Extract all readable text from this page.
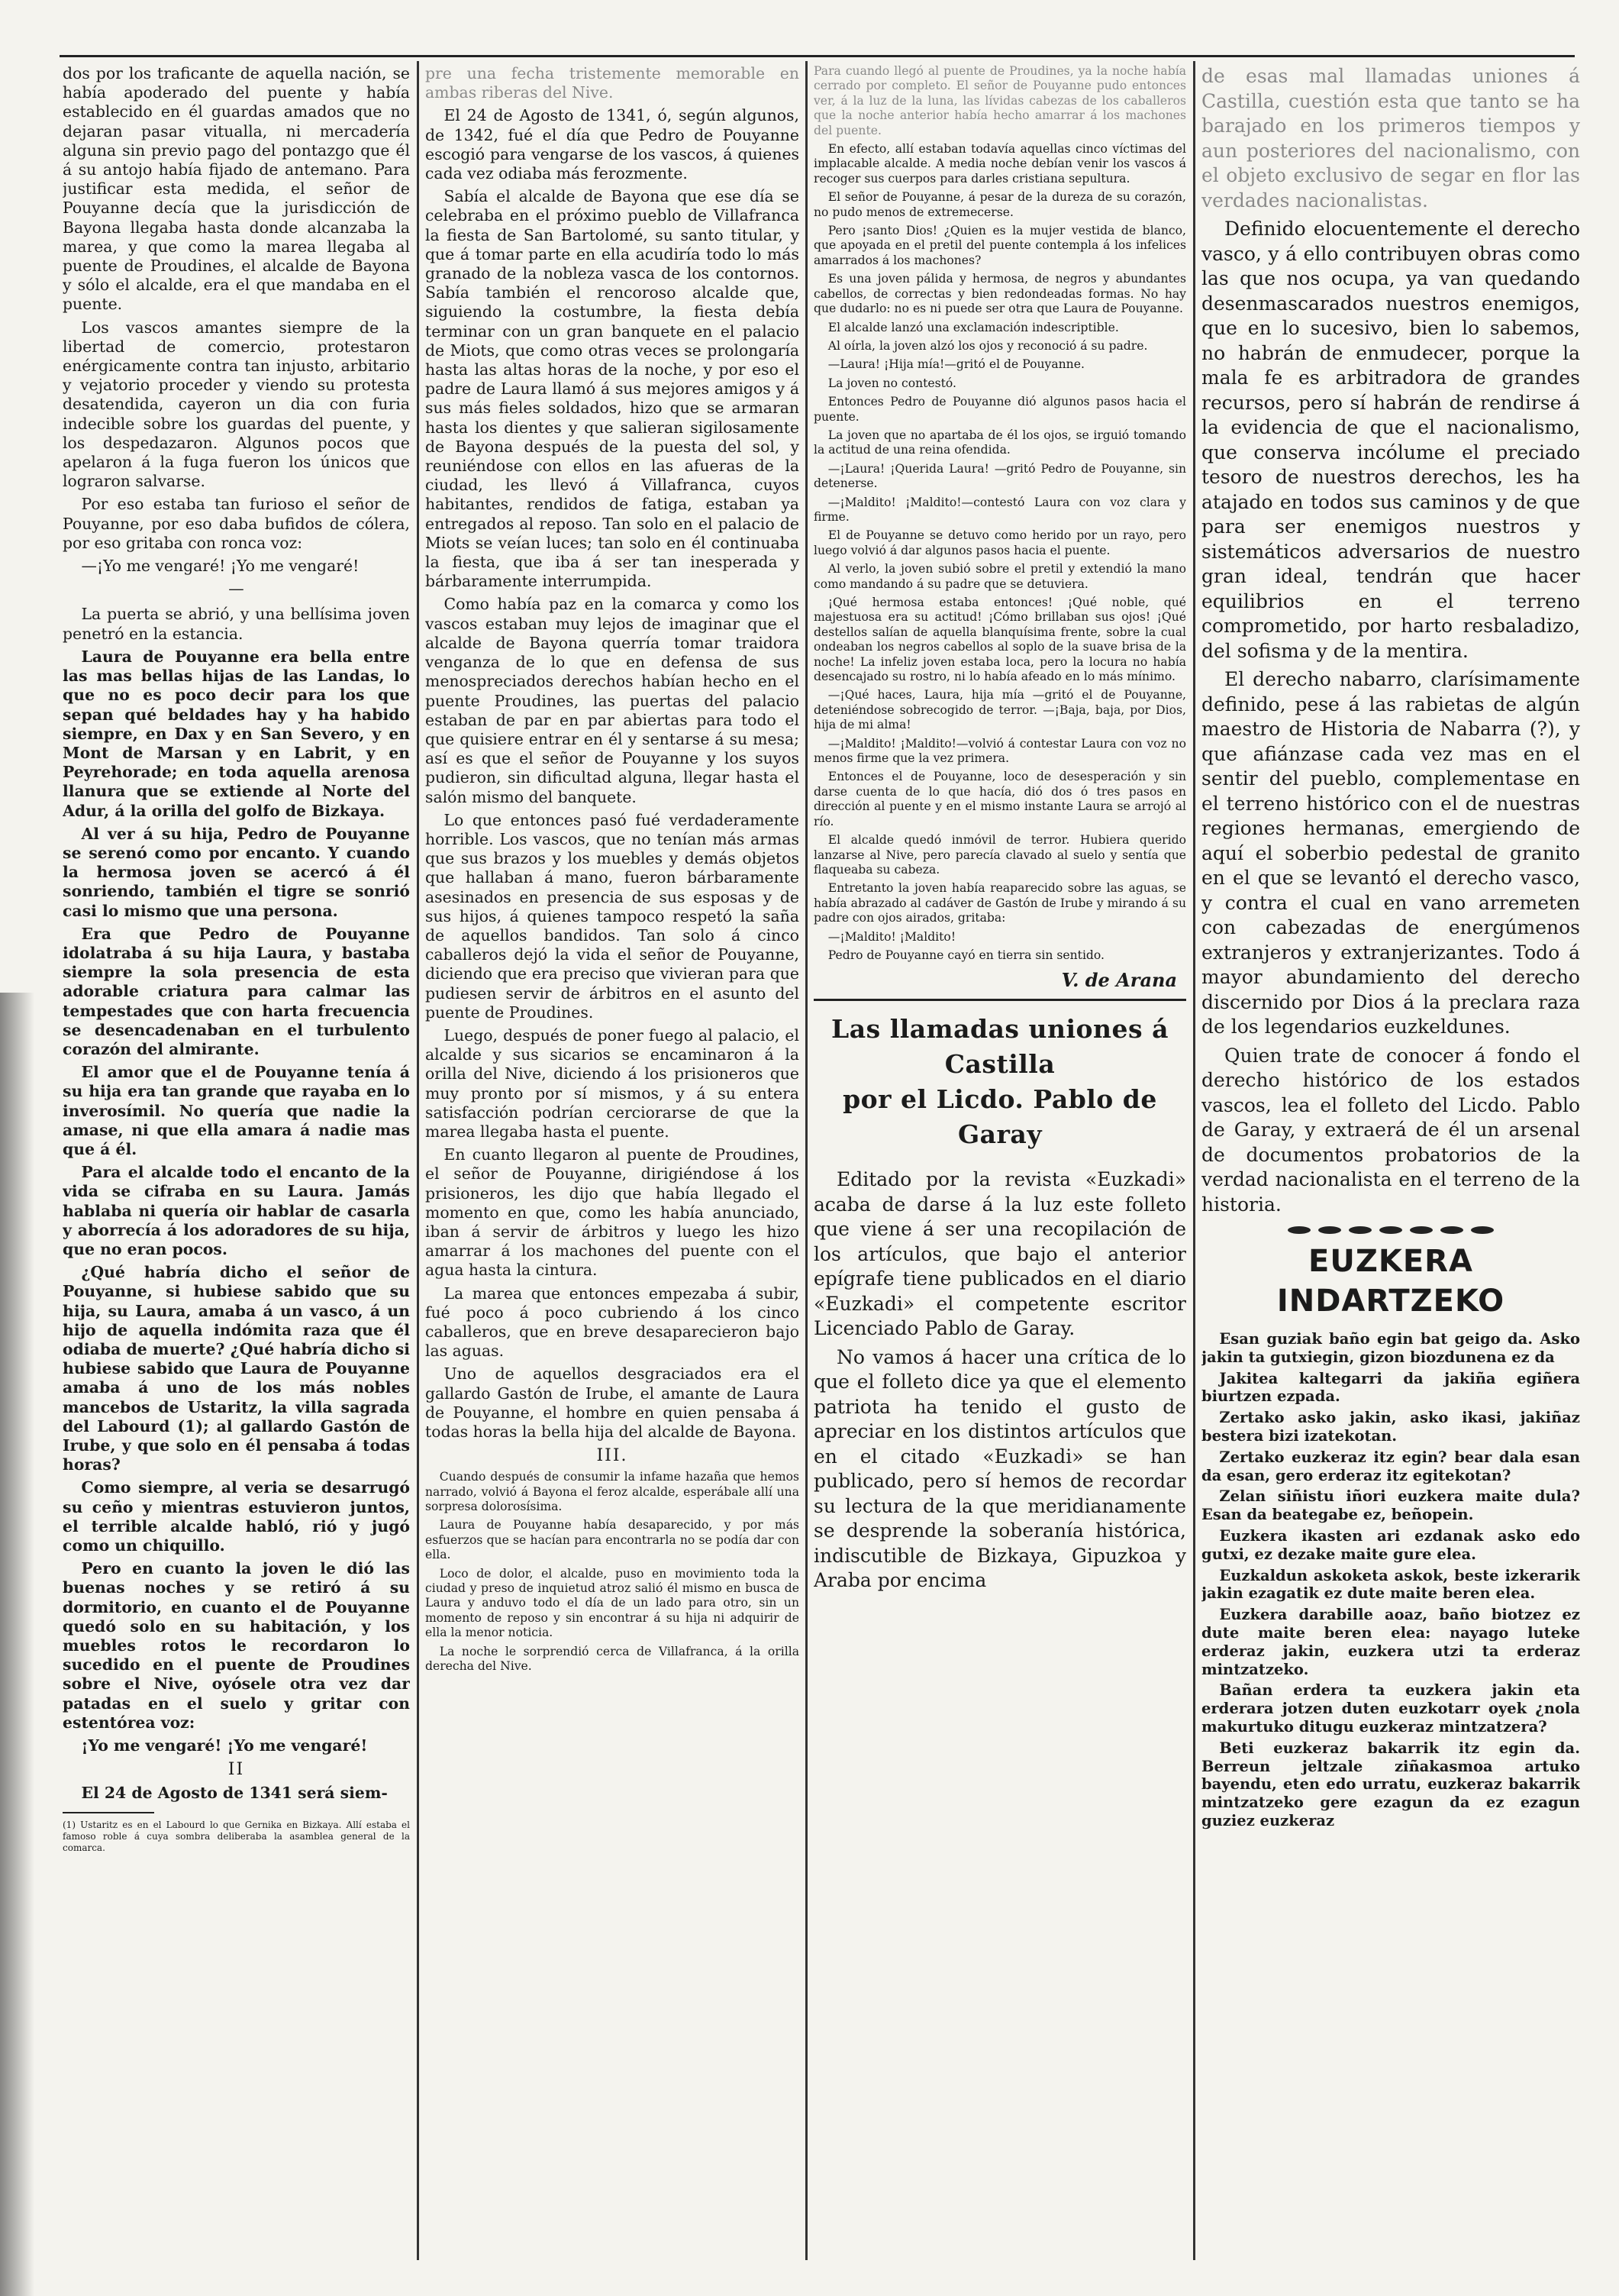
dos por los traficante de aquella nación, se había apoderado del puente y había establecido en él guardas amados que no dejaran pasar vitualla, ni mercadería alguna sin previo pago del pontazgo que él á su antojo había fijado de antemano. Para justificar esta medida, el señor de Pouyanne decía que la jurisdicción de Bayona llegaba hasta donde alcanzaba la marea, y que como la marea llegaba al puente de Proudines, el alcalde de Bayona y sólo el alcalde, era el que mandaba en el puente.

Los vascos amantes siempre de la libertad de comercio, protestaron enérgicamente contra tan injusto, arbitario y vejatorio proceder y viendo su protesta desatendida, cayeron un dia con furia indecible sobre los guardas del puente, y los despedazaron. Algunos pocos que apelaron á la fuga fueron los únicos que lograron salvarse.

Por eso estaba tan furioso el señor de Pouyanne, por eso daba bufidos de cólera, por eso gritaba con ronca voz:

—¡Yo me vengaré! ¡Yo me vengaré!

—

La puerta se abrió, y una bellísima joven penetró en la estancia.

Laura de Pouyanne era bella entre las mas bellas hijas de las Landas, lo que no es poco decir para los que sepan qué beldades hay y ha habido siempre, en Dax y en San Severo, y en Mont de Marsan y en Labrit, y en Peyrehorade; en toda aquella arenosa llanura que se extiende al Norte del Adur, á la orilla del golfo de Bizkaya.

Al ver á su hija, Pedro de Pouyanne se serenó como por encanto. Y cuando la hermosa joven se acercó á él sonriendo, también el tigre se sonrió casi lo mismo que una persona.

Era que Pedro de Pouyanne idolatraba á su hija Laura, y bastaba siempre la sola presencia de esta adorable criatura para calmar las tempestades que con harta frecuencia se desencadenaban en el turbulento corazón del almirante.

El amor que el de Pouyanne tenía á su hija era tan grande que rayaba en lo inverosímil. No quería que nadie la amase, ni que ella amara á nadie mas que á él.

Para el alcalde todo el encanto de la vida se cifraba en su Laura. Jamás hablaba ni quería oir hablar de casarla y aborrecía á los adoradores de su hija, que no eran pocos.

¿Qué habría dicho el señor de Pouyanne, si hubiese sabido que su hija, su Laura, amaba á un vasco, á un hijo de aquella indómita raza que él odiaba de muerte? ¿Qué habría dicho si hubiese sabido que Laura de Pouyanne amaba á uno de los más nobles mancebos de Ustaritz, la villa sagrada del Labourd (1); al gallardo Gastón de Irube, y que solo en él pensaba á todas horas?

Como siempre, al veria se desarrugó su ceño y mientras estuvieron juntos, el terrible alcalde habló, rió y jugó como un chiquillo.

Pero en cuanto la joven le dió las buenas noches y se retiró á su dormitorio, en cuanto el de Pouyanne quedó solo en su habitación, y los muebles rotos le recordaron lo sucedido en el puente de Proudines sobre el Nive, oyósele otra vez dar patadas en el suelo y gritar con estentórea voz:

¡Yo me vengaré! ¡Yo me vengaré!

II

El 24 de Agosto de 1341 será siem-

(1) Ustaritz es en el Labourd lo que Gernika en Bizkaya. Allí estaba el famoso roble á cuya sombra deliberaba la asamblea general de la comarca.

pre una fecha tristemente memorable en ambas riberas del Nive.

El 24 de Agosto de 1341, ó, según algunos, de 1342, fué el día que Pedro de Pouyanne escogió para vengarse de los vascos, á quienes cada vez odiaba más ferozmente.

Sabía el alcalde de Bayona que ese día se celebraba en el próximo pueblo de Villafranca la fiesta de San Bartolomé, su santo titular, y que á tomar parte en ella acudiría todo lo más granado de la nobleza vasca de los contornos. Sabía también el rencoroso alcalde que, siguiendo la costumbre, la fiesta debía terminar con un gran banquete en el palacio de Miots, que como otras veces se prolongaría hasta las altas horas de la noche, y por eso el padre de Laura llamó á sus mejores amigos y á sus más fieles soldados, hizo que se armaran hasta los dientes y que salieran sigilosamente de Bayona después de la puesta del sol, y reuniéndose con ellos en las afueras de la ciudad, les llevó á Villafranca, cuyos habitantes, rendidos de fatiga, estaban ya entregados al reposo. Tan solo en el palacio de Miots se veían luces; tan solo en él continuaba la fiesta, que iba á ser tan inesperada y bárbaramente interrumpida.

Como había paz en la comarca y como los vascos estaban muy lejos de imaginar que el alcalde de Bayona querría tomar traidora venganza de lo que en defensa de sus menospreciados derechos habían hecho en el puente Proudines, las puertas del palacio estaban de par en par abiertas para todo el que quisiere entrar en él y sentarse á su mesa; así es que el señor de Pouyanne y los suyos pudieron, sin dificultad alguna, llegar hasta el salón mismo del banquete.

Lo que entonces pasó fué verdaderamente horrible. Los vascos, que no tenían más armas que sus brazos y los muebles y demás objetos que hallaban á mano, fueron bárbaramente asesinados en presencia de sus esposas y de sus hijos, á quienes tampoco respetó la saña de aquellos bandidos. Tan solo á cinco caballeros dejó la vida el señor de Pouyanne, diciendo que era preciso que vivieran para que pudiesen servir de árbitros en el asunto del puente de Proudines.

Luego, después de poner fuego al palacio, el alcalde y sus sicarios se encaminaron á la orilla del Nive, diciendo á los prisioneros que muy pronto por sí mismos, y á su entera satisfacción podrían cerciorarse de que la marea llegaba hasta el puente.

En cuanto llegaron al puente de Proudines, el señor de Pouyanne, dirigiéndose á los prisioneros, les dijo que había llegado el momento en que, como les había anunciado, iban á servir de árbitros y luego les hizo amarrar á los machones del puente con el agua hasta la cintura.

La marea que entonces empezaba á subir, fué poco á poco cubriendo á los cinco caballeros, que en breve desaparecieron bajo las aguas.

Uno de aquellos desgraciados era el gallardo Gastón de Irube, el amante de Laura de Pouyanne, el hombre en quien pensaba á todas horas la bella hija del alcalde de Bayona.

III.

Cuando después de consumir la infame hazaña que hemos narrado, volvió á Bayona el feroz alcalde, esperábale allí una sorpresa dolorosísima.

Laura de Pouyanne había desaparecido, y por más esfuerzos que se hacían para encontrarla no se podía dar con ella.

Loco de dolor, el alcalde, puso en movimiento toda la ciudad y preso de inquietud atroz salió él mismo en busca de Laura y anduvo todo el día de un lado para otro, sin un momento de reposo y sin encontrar á su hija ni adquirir de ella la menor noticia.

La noche le sorprendió cerca de Villafranca, á la orilla derecha del Nive.

Para cuando llegó al puente de Proudines, ya la noche había cerrado por completo. El señor de Pouyanne pudo entonces ver, á la luz de la luna, las lívidas cabezas de los caballeros que la noche anterior había hecho amarrar á los machones del puente.

En efecto, allí estaban todavía aquellas cinco víctimas del implacable alcalde. A media noche debían venir los vascos á recoger sus cuerpos para darles cristiana sepultura.

El señor de Pouyanne, á pesar de la dureza de su corazón, no pudo menos de extremecerse.

Pero ¡santo Dios! ¿Quien es la mujer vestida de blanco, que apoyada en el pretil del puente contempla á los infelices amarrados á los machones?

Es una joven pálida y hermosa, de negros y abundantes cabellos, de correctas y bien redondeadas formas. No hay que dudarlo: no es ni puede ser otra que Laura de Pouyanne.

El alcalde lanzó una exclamación indescriptible.

Al oírla, la joven alzó los ojos y reconoció á su padre.

—Laura! ¡Hija mía!—gritó el de Pouyanne.

La joven no contestó.

Entonces Pedro de Pouyanne dió algunos pasos hacia el puente.

La joven que no apartaba de él los ojos, se irguió tomando la actitud de una reina ofendida.

—¡Laura! ¡Querida Laura! —gritó Pedro de Pouyanne, sin detenerse.

—¡Maldito! ¡Maldito!—contestó Laura con voz clara y firme.

El de Pouyanne se detuvo como herido por un rayo, pero luego volvió á dar algunos pasos hacia el puente.

Al verlo, la joven subió sobre el pretil y extendió la mano como mandando á su padre que se detuviera.

¡Qué hermosa estaba entonces! ¡Qué noble, qué majestuosa era su actitud! ¡Cómo brillaban sus ojos! ¡Qué destellos salían de aquella blanquísima frente, sobre la cual ondeaban los negros cabellos al soplo de la suave brisa de la noche! La infeliz joven estaba loca, pero la locura no había desencajado su rostro, ni lo había afeado en lo más mínimo.

—¡Qué haces, Laura, hija mía —gritó el de Pouyanne, deteniéndose sobrecogido de terror. —¡Baja, baja, por Dios, hija de mi alma!

—¡Maldito! ¡Maldito!—volvió á contestar Laura con voz no menos firme que la vez primera.

Entonces el de Pouyanne, loco de desesperación y sin darse cuenta de lo que hacía, dió dos ó tres pasos en dirección al puente y en el mismo instante Laura se arrojó al río.

El alcalde quedó inmóvil de terror. Hubiera querido lanzarse al Nive, pero parecía clavado al suelo y sentía que flaqueaba su cabeza.

Entretanto la joven había reaparecido sobre las aguas, se había abrazado al cadáver de Gastón de Irube y mirando á su padre con ojos airados, gritaba:

—¡Maldito! ¡Maldito!

Pedro de Pouyanne cayó en tierra sin sentido.

V. de Arana
Las llamadas uniones á Castilla
por el Licdo. Pablo de Garay

Editado por la revista «Euzkadi» acaba de darse á la luz este folleto que viene á ser una recopilación de los artículos, que bajo el anterior epígrafe tiene publicados en el diario «Euzkadi» el competente escritor Licenciado Pablo de Garay.

No vamos á hacer una crítica de lo que el folleto dice ya que el elemento patriota ha tenido el gusto de apreciar en los distintos artículos que en el citado «Euzkadi» se han publicado, pero sí hemos de recordar su lectura de la que meridianamente se desprende la soberanía histórica, indiscutible de Bizkaya, Gipuzkoa y Araba por encima

de esas mal llamadas uniones á Castilla, cuestión esta que tanto se ha barajado en los primeros tiempos y aun posteriores del nacionalismo, con el objeto exclusivo de segar en flor las verdades nacionalistas.

Definido elocuentemente el derecho vasco, y á ello contribuyen obras como las que nos ocupa, ya van quedando desenmascarados nuestros enemigos, que en lo sucesivo, bien lo sabemos, no habrán de enmudecer, porque la mala fe es arbitradora de grandes recursos, pero sí habrán de rendirse á la evidencia de que el nacionalismo, que conserva incólume el preciado tesoro de nuestros derechos, les ha atajado en todos sus caminos y de que para ser enemigos nuestros y sistemáticos adversarios de nuestro gran ideal, tendrán que hacer equilibrios en el terreno comprometido, por harto resbaladizo, del sofisma y de la mentira.

El derecho nabarro, clarísimamente definido, pese á las rabietas de algún maestro de Historia de Nabarra (?), y que afiánzase cada vez mas en el sentir del pueblo, complementase en el terreno histórico con el de nuestras regiones hermanas, emergiendo de aquí el soberbio pedestal de granito en el que se levantó el derecho vasco, y contra el cual en vano arremeten con cabezadas de energúmenos extranjeros y extranjerizantes. Todo á mayor abundamiento del derecho discernido por Dios á la preclara raza de los legendarios euzkeldunes.

Quien trate de conocer á fondo el derecho histórico de los estados vascos, lea el folleto del Licdo. Pablo de Garay, y extraerá de él un arsenal de documentos probatorios de la verdad nacionalista en el terreno de la historia.

EUZKERA INDARTZEKO

Esan guziak baño egin bat geigo da. Asko jakin ta gutxiegin, gizon biozdunena ez da

Jakitea kaltegarri da jakiña egiñera biurtzen ezpada.

Zertako asko jakin, asko ikasi, jakiñaz bestera bizi izatekotan.

Zertako euzkeraz itz egin? bear dala esan da esan, gero erderaz itz egitekotan?

Zelan siñistu iñori euzkera maite dula? Esan da beategabe ez, beñopein.

Euzkera ikasten ari ezdanak asko edo gutxi, ez dezake maite gure elea.

Euzkaldun askoketa askok, beste izkerarik jakin ezagatik ez dute maite beren elea.

Euzkera darabille aoaz, baño biotzez ez dute maite beren elea: nayago luteke erderaz jakin, euzkera utzi ta erderaz mintzatzeko.

Bañan erdera ta euzkera jakin eta erderara jotzen duten euzkotarr oyek ¿nola makurtuko ditugu euzkeraz mintzatzera?

Beti euzkeraz bakarrik itz egin da. Berreun jeltzale ziñakasmoa artuko bayendu, eten edo urratu, euzkeraz bakarrik mintzatzeko gere ezagun da ez ezagun guziez euzkeraz
